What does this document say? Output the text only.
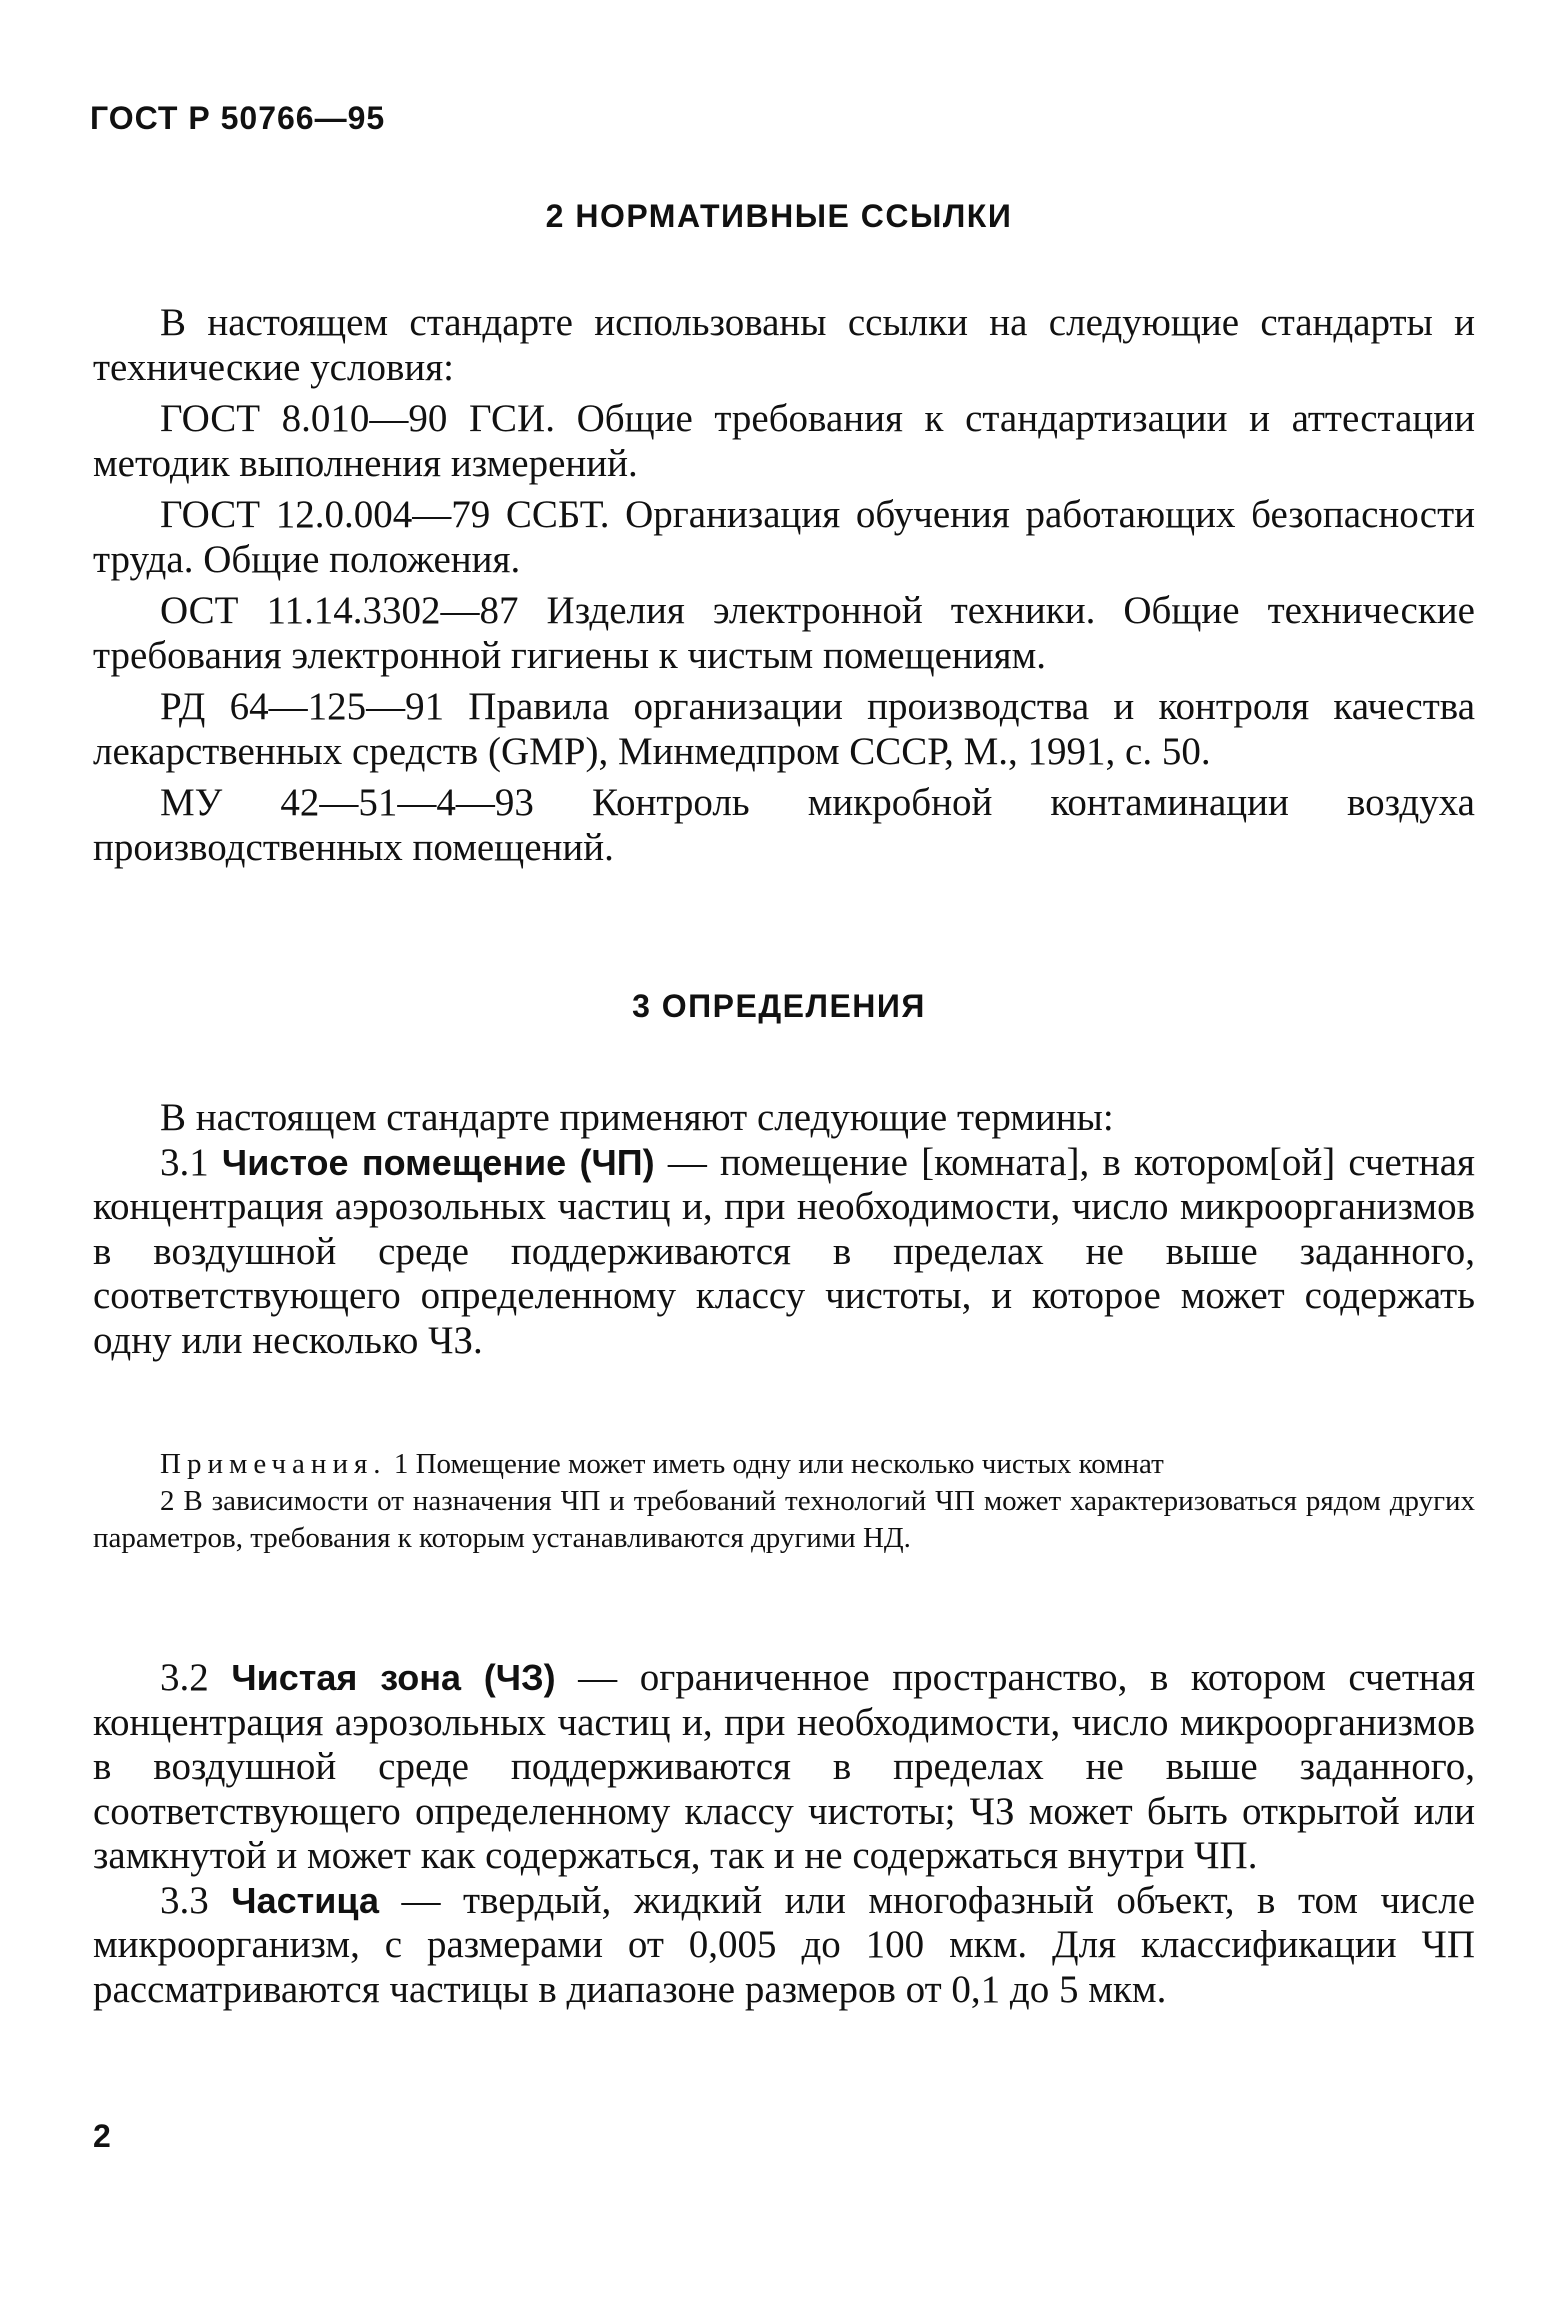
ГОСТ Р 50766—95
2 НОРМАТИВНЫЕ ССЫЛКИ

В настоящем стандарте использованы ссылки на следующие стандарты и технические условия:

ГОСТ 8.010—90 ГСИ. Общие требования к стандартизации и аттестации методик выполнения измерений.

ГОСТ 12.0.004—79 ССБТ. Организация обучения работающих безопасности труда. Общие положения.

ОСТ 11.14.3302—87 Изделия электронной техники. Общие технические требования электронной гигиены к чистым помещениям.

РД 64—125—91 Правила организации производства и контроля качества лекарственных средств (GMP), Минмедпром СССР, М., 1991, с. 50.

МУ 42—51—4—93 Контроль микробной контаминации воздуха производственных помещений.

3 ОПРЕДЕЛЕНИЯ

В настоящем стандарте применяют следующие термины:

3.1 Чистое помещение (ЧП) — помещение [комната], в котором[ой] счетная концентрация аэрозольных частиц и, при необходимости, число микроорганизмов в воздушной среде поддерживаются в пределах не выше заданного, соответствующего определенному классу чистоты, и которое может содержать одну или несколько ЧЗ.

Примечания. 1 Помещение может иметь одну или несколько чистых комнат

2 В зависимости от назначения ЧП и требований технологий ЧП может характеризоваться рядом других параметров, требования к которым устанавливаются другими НД.

3.2 Чистая зона (ЧЗ) — ограниченное пространство, в котором счетная концентрация аэрозольных частиц и, при необходимости, число микроорганизмов в воздушной среде поддерживаются в пределах не выше заданного, соответствующего определенному классу чистоты; ЧЗ может быть открытой или замкнутой и может как содержаться, так и не содержаться внутри ЧП.

3.3 Частица — твердый, жидкий или многофазный объект, в том числе микроорганизм, с размерами от 0,005 до 100 мкм. Для классификации ЧП рассматриваются частицы в диапазоне размеров от 0,1 до 5 мкм.

2
